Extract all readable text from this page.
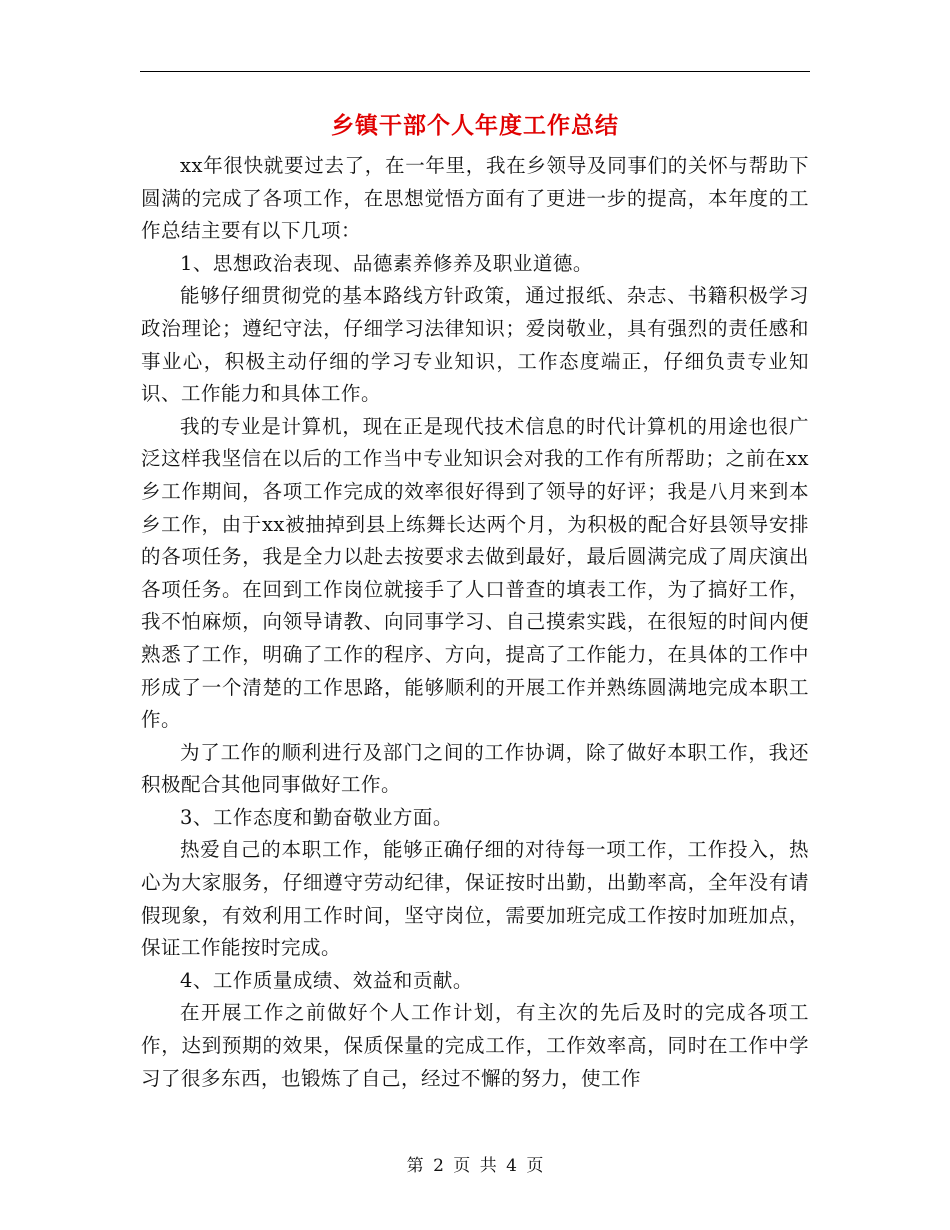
乡镇干部个人年度工作总结

xx年很快就要过去了，在一年里，我在乡领导及同事们的关怀与帮助下圆满的完成了各项工作，在思想觉悟方面有了更进一步的提高，本年度的工作总结主要有以下几项：

1、思想政治表现、品德素养修养及职业道德。

能够仔细贯彻党的基本路线方针政策，通过报纸、杂志、书籍积极学习政治理论；遵纪守法，仔细学习法律知识；爱岗敬业，具有强烈的责任感和事业心，积极主动仔细的学习专业知识，工作态度端正，仔细负责专业知识、工作能力和具体工作。

我的专业是计算机，现在正是现代技术信息的时代计算机的用途也很广泛这样我坚信在以后的工作当中专业知识会对我的工作有所帮助；之前在xx乡工作期间，各项工作完成的效率很好得到了领导的好评；我是八月来到本乡工作，由于xx被抽掉到县上练舞长达两个月，为积极的配合好县领导安排的各项任务，我是全力以赴去按要求去做到最好，最后圆满完成了周庆演出各项任务。在回到工作岗位就接手了人口普查的填表工作，为了搞好工作，我不怕麻烦，向领导请教、向同事学习、自己摸索实践，在很短的时间内便熟悉了工作，明确了工作的程序、方向，提高了工作能力，在具体的工作中形成了一个清楚的工作思路，能够顺利的开展工作并熟练圆满地完成本职工作。

为了工作的顺利进行及部门之间的工作协调，除了做好本职工作，我还积极配合其他同事做好工作。

3、工作态度和勤奋敬业方面。

热爱自己的本职工作，能够正确仔细的对待每一项工作，工作投入，热心为大家服务，仔细遵守劳动纪律，保证按时出勤，出勤率高，全年没有请假现象，有效利用工作时间，坚守岗位，需要加班完成工作按时加班加点，保证工作能按时完成。

4、工作质量成绩、效益和贡献。

在开展工作之前做好个人工作计划，有主次的先后及时的完成各项工作，达到预期的效果，保质保量的完成工作，工作效率高，同时在工作中学习了很多东西，也锻炼了自己，经过不懈的努力，使工作

第 2 页 共 4 页
